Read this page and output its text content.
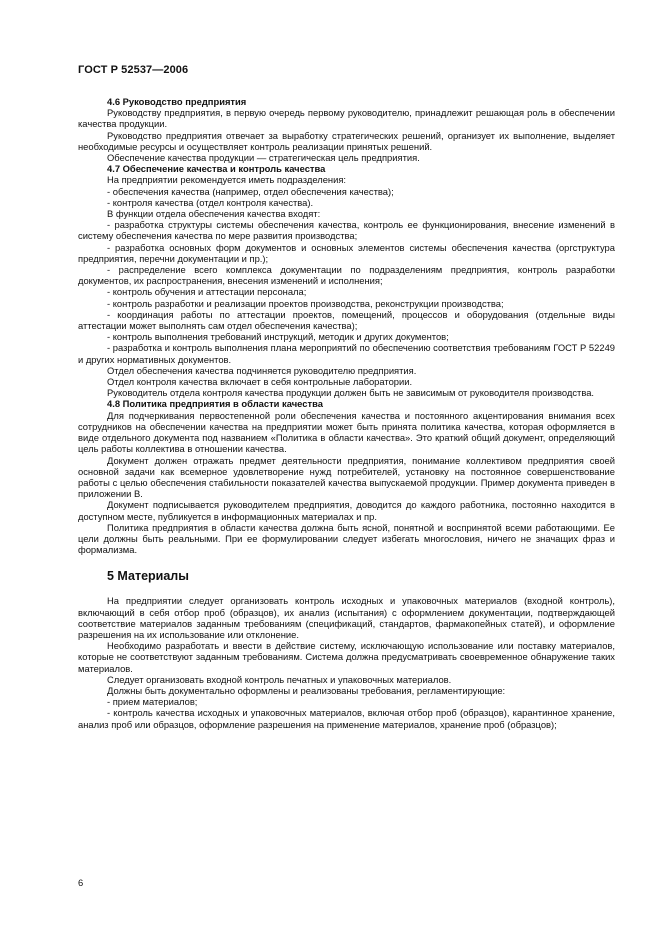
ГОСТ Р 52537—2006

4.6 Руководство предприятия

Руководству предприятия, в первую очередь первому руководителю, принадлежит решающая роль в обеспечении качества продукции.

Руководство предприятия отвечает за выработку стратегических решений, организует их выполнение, выделяет необходимые ресурсы и осуществляет контроль реализации принятых решений.

Обеспечение качества продукции — стратегическая цель предприятия.

4.7 Обеспечение качества и контроль качества

На предприятии рекомендуется иметь подразделения:

- обеспечения качества (например, отдел обеспечения качества);

- контроля качества (отдел контроля качества).

В функции отдела обеспечения качества входят:

- разработка структуры системы обеспечения качества, контроль ее функционирования, внесение изменений в систему обеспечения качества по мере развития производства;

- разработка основных форм документов и основных элементов системы обеспечения качества (оргструктура предприятия, перечни документации и пр.);

- распределение всего комплекса документации по подразделениям предприятия, контроль разработки документов, их распространения, внесения изменений и исполнения;

- контроль обучения и аттестации персонала;

- контроль разработки и реализации проектов производства, реконструкции производства;

- координация работы по аттестации проектов, помещений, процессов и оборудования (отдельные виды аттестации может выполнять сам отдел обеспечения качества);

- контроль выполнения требований инструкций, методик и других документов;

- разработка и контроль выполнения плана мероприятий по обеспечению соответствия требованиям ГОСТ Р 52249 и других нормативных документов.

Отдел обеспечения качества подчиняется руководителю предприятия.

Отдел контроля качества включает в себя контрольные лаборатории.

Руководитель отдела контроля качества продукции должен быть не зависимым от руководителя производства.

4.8 Политика предприятия в области качества

Для подчеркивания первостепенной роли обеспечения качества и постоянного акцентирования внимания всех сотрудников на обеспечении качества на предприятии может быть принята политика качества, которая оформляется в виде отдельного документа под названием «Политика в области качества». Это краткий общий документ, определяющий цель работы коллектива в отношении качества.

Документ должен отражать предмет деятельности предприятия, понимание коллективом предприятия своей основной задачи как всемерное удовлетворение нужд потребителей, установку на постоянное совершенствование работы с целью обеспечения стабильности показателей качества выпускаемой продукции. Пример документа приведен в приложении В.

Документ подписывается руководителем предприятия, доводится до каждого работника, постоянно находится в доступном месте, публикуется в информационных материалах и пр.

Политика предприятия в области качества должна быть ясной, понятной и воспринятой всеми работающими. Ее цели должны быть реальными. При ее формулировании следует избегать многословия, ничего не значащих фраз и формализма.

5 Материалы

На предприятии следует организовать контроль исходных и упаковочных материалов (входной контроль), включающий в себя отбор проб (образцов), их анализ (испытания) с оформлением документации, подтверждающей соответствие материалов заданным требованиям (спецификаций, стандартов, фармакопейных статей), и оформление разрешения на их использование или отклонение.

Необходимо разработать и ввести в действие систему, исключающую использование или поставку материалов, которые не соответствуют заданным требованиям. Система должна предусматривать своевременное обнаружение таких материалов.

Следует организовать входной контроль печатных и упаковочных материалов.

Должны быть документально оформлены и реализованы требования, регламентирующие:

- прием материалов;

- контроль качества исходных и упаковочных материалов, включая отбор проб (образцов), карантинное хранение, анализ проб или образцов, оформление разрешения на применение материалов, хранение проб (образцов);

6
